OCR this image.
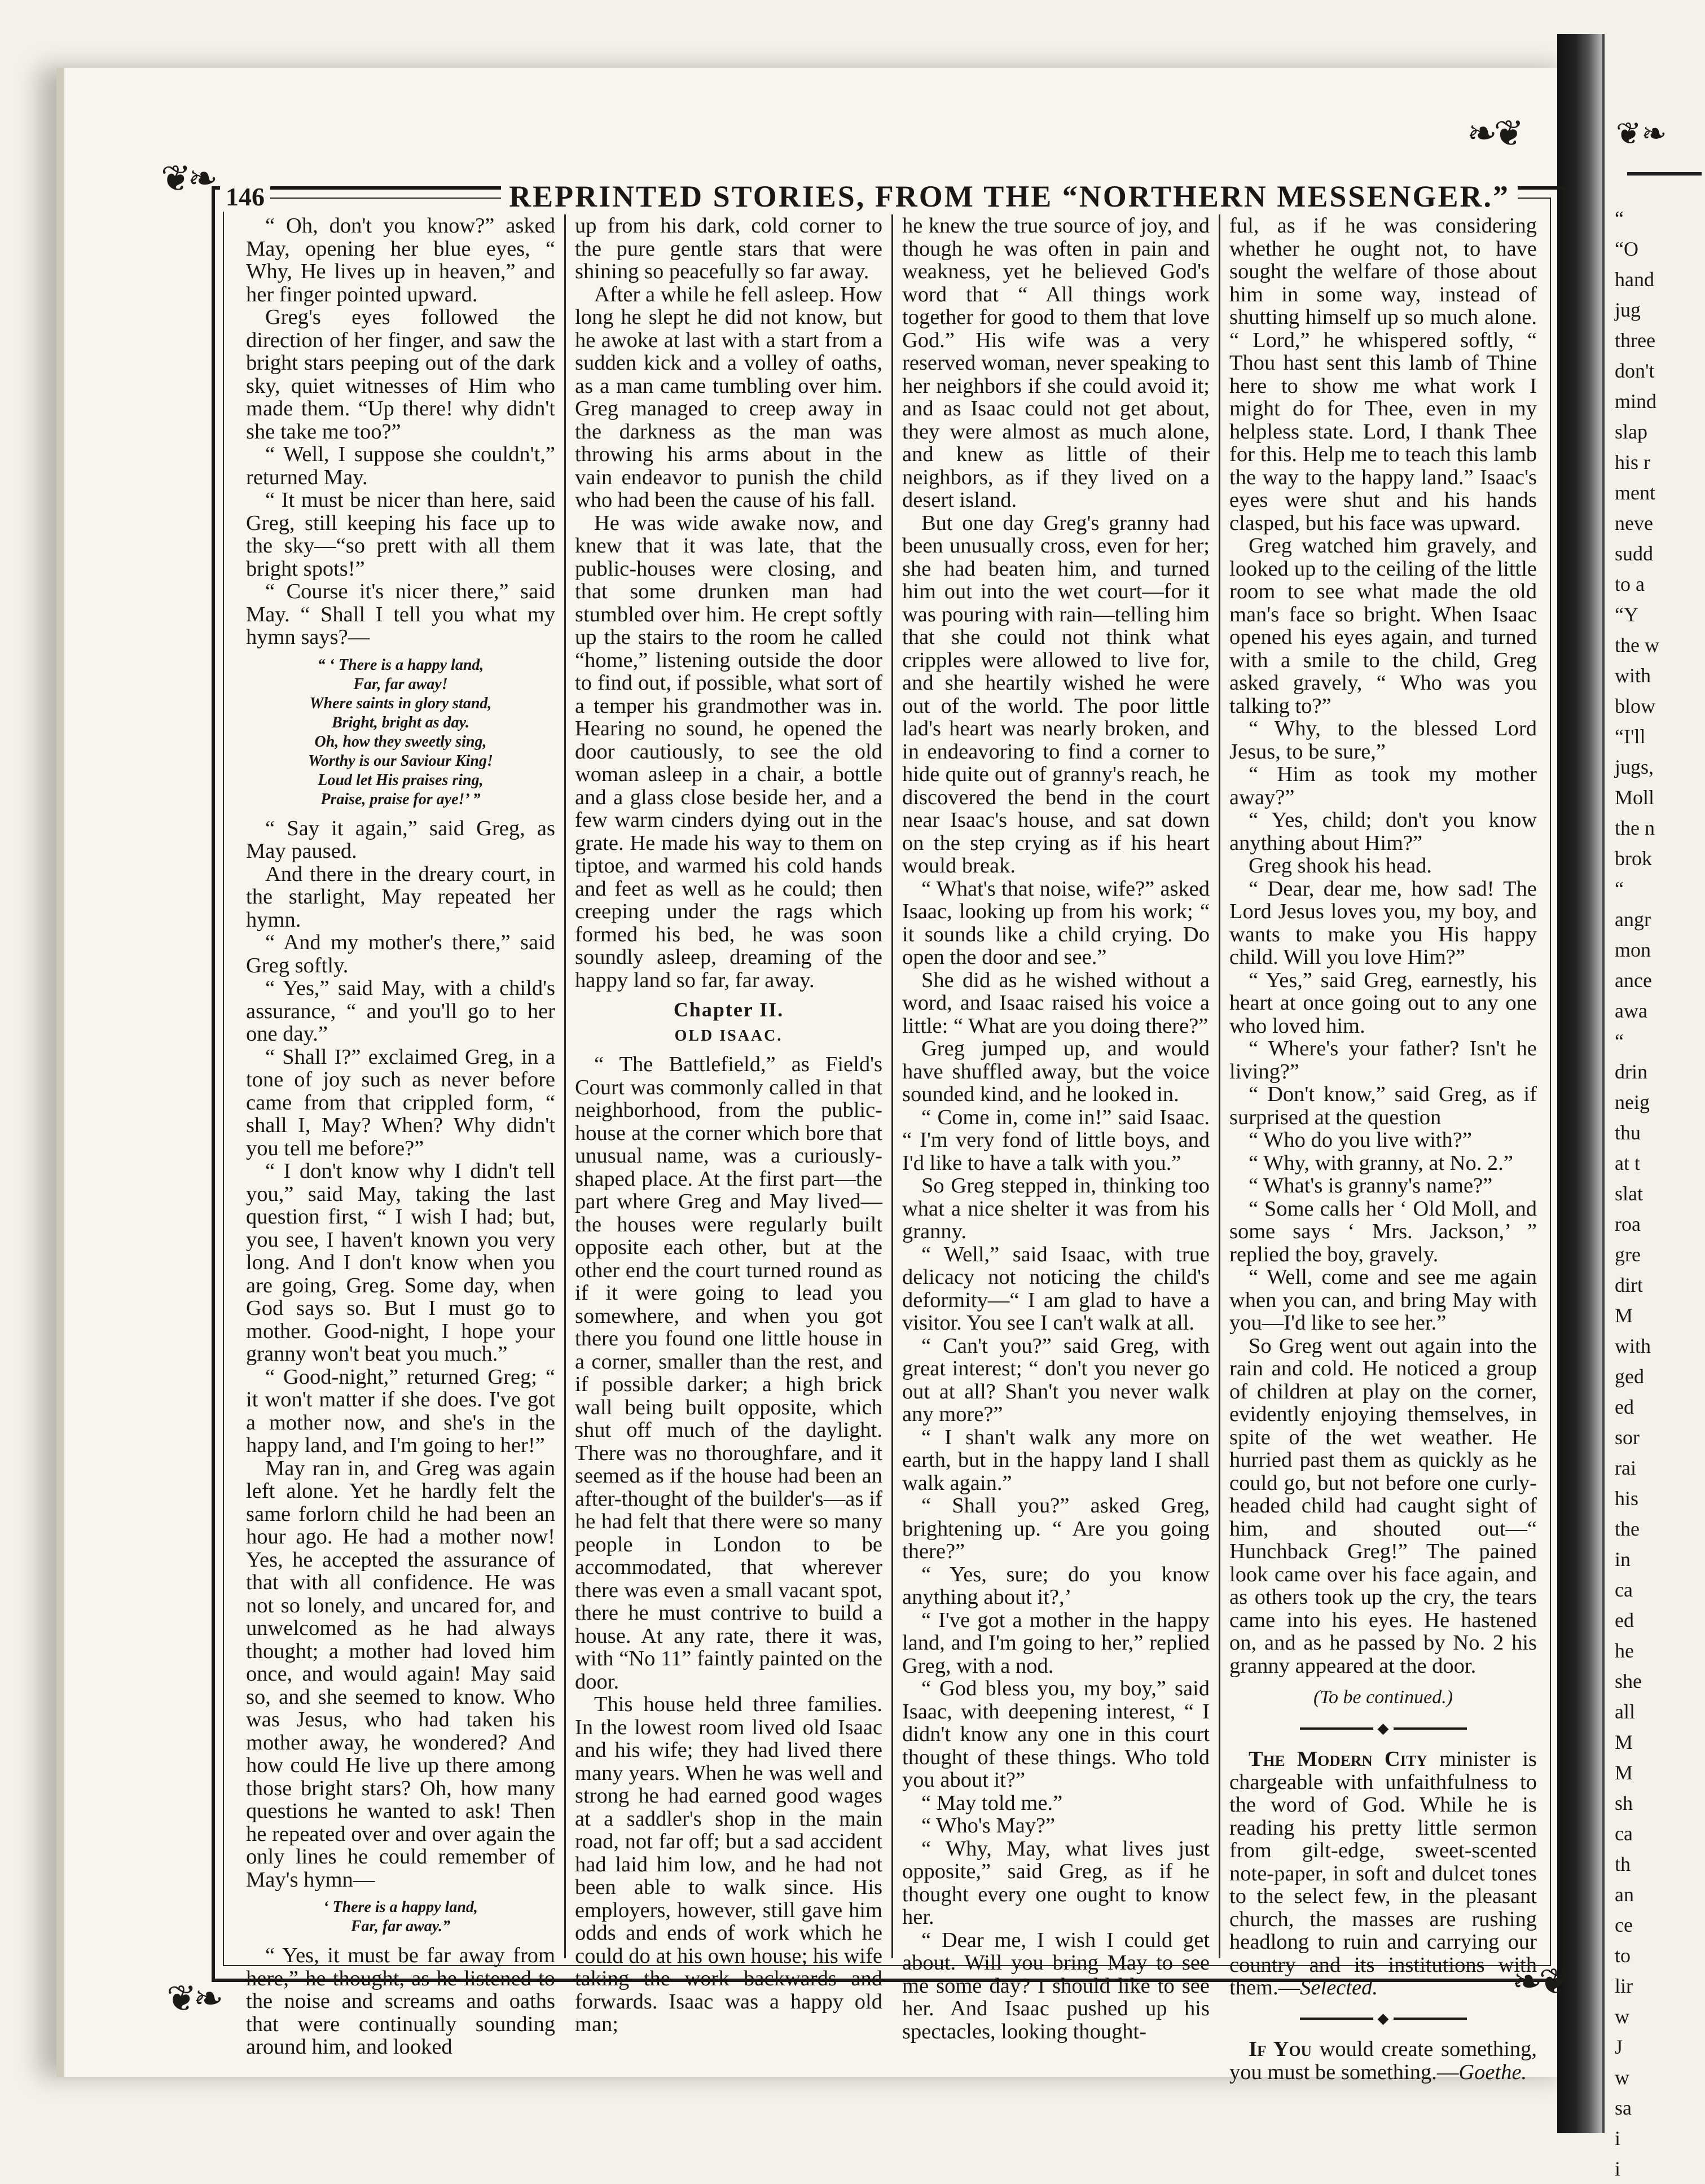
❦❧
“
“O
hand
jug
three
don't
mind
slap
his r
ment
neve
sudd
to a
“Y
the w
with
blow
“I'll
jugs,
Moll
the n
brok
“
angr
mon
ance
awa
“
drin
neig
thu
at t
slat
roa
gre
dirt
M
with
ged
ed
sor
rai
his
the
in
ca
ed
he
she
all
M
M
sh
ca
th
an
ce
to
lir
w
J
w
sa
i
i
❦❧
❧❦
❦❧	❧❦
146	REPRINTED STORIES, FROM THE “NORTHERN MESSENGER.”

“ Oh, don't you know?” asked May, opening her blue eyes, “ Why, He lives up in heaven,” and her finger pointed upward.

Greg's eyes followed the direction of her finger, and saw the bright stars peeping out of the dark sky, quiet witnesses of Him who made them. “Up there! why didn't she take me too?”

“ Well, I suppose she couldn't,” returned May.

“ It must be nicer than here, said Greg, still keeping his face up to the sky—“so prett with all them bright spots!”

“ Course it's nicer there,” said May. “ Shall I tell you what my hymn says?—

“ ‘ There is a happy land,
Far, far away!
Where saints in glory stand,
Bright, bright as day.
Oh, how they sweetly sing,
Worthy is our Saviour King!
Loud let His praises ring,
Praise, praise for aye!’ ”

“ Say it again,” said Greg, as May paused.

And there in the dreary court, in the starlight, May repeated her hymn.

“ And my mother's there,” said Greg softly.

“ Yes,” said May, with a child's assurance, “ and you'll go to her one day.”

“ Shall I?” exclaimed Greg, in a tone of joy such as never before came from that crippled form, “ shall I, May? When? Why didn't you tell me before?”

“ I don't know why I didn't tell you,” said May, taking the last question first, “ I wish I had; but, you see, I haven't known you very long. And I don't know when you are going, Greg. Some day, when God says so. But I must go to mother. Good-night, I hope your granny won't beat you much.”

“ Good-night,” returned Greg; “ it won't matter if she does. I've got a mother now, and she's in the happy land, and I'm going to her!”

May ran in, and Greg was again left alone. Yet he hardly felt the same forlorn child he had been an hour ago. He had a mother now! Yes, he accepted the assurance of that with all confidence. He was not so lonely, and uncared for, and unwelcomed as he had always thought; a mother had loved him once, and would again! May said so, and she seemed to know. Who was Jesus, who had taken his mother away, he wondered? And how could He live up there among those bright stars? Oh, how many questions he wanted to ask! Then he repeated over and over again the only lines he could remember of May's hymn—

‘ There is a happy land,
Far, far away.”

“ Yes, it must be far away from here,” he thought, as he listened to the noise and screams and oaths that were continually sounding around him, and looked

up from his dark, cold corner to the pure gentle stars that were shining so peacefully so far away.

After a while he fell asleep. How long he slept he did not know, but he awoke at last with a start from a sudden kick and a volley of oaths, as a man came tumbling over him. Greg managed to creep away in the darkness as the man was throwing his arms about in the vain endeavor to punish the child who had been the cause of his fall.

He was wide awake now, and knew that it was late, that the public-houses were closing, and that some drunken man had stumbled over him. He crept softly up the stairs to the room he called “home,” listening outside the door to find out, if possible, what sort of a temper his grandmother was in. Hearing no sound, he opened the door cautiously, to see the old woman asleep in a chair, a bottle and a glass close beside her, and a few warm cinders dying out in the grate. He made his way to them on tiptoe, and warmed his cold hands and feet as well as he could; then creeping under the rags which formed his bed, he was soon soundly asleep, dreaming of the happy land so far, far away.

Chapter II.
OLD ISAAC.

“ The Battlefield,” as Field's Court was commonly called in that neighborhood, from the public-house at the corner which bore that unusual name, was a curiously-shaped place. At the first part—the part where Greg and May lived—the houses were regularly built opposite each other, but at the other end the court turned round as if it were going to lead you somewhere, and when you got there you found one little house in a corner, smaller than the rest, and if possible darker; a high brick wall being built opposite, which shut off much of the daylight. There was no thoroughfare, and it seemed as if the house had been an after-thought of the builder's—as if he had felt that there were so many people in London to be accommodated, that wherever there was even a small vacant spot, there he must contrive to build a house. At any rate, there it was, with “No 11” faintly painted on the door.

This house held three families. In the lowest room lived old Isaac and his wife; they had lived there many years. When he was well and strong he had earned good wages at a saddler's shop in the main road, not far off; but a sad accident had laid him low, and he had not been able to walk since. His employers, however, still gave him odds and ends of work which he could do at his own house; his wife taking the work backwards and forwards. Isaac was a happy old man;

he knew the true source of joy, and though he was often in pain and weakness, yet he believed God's word that “ All things work together for good to them that love God.” His wife was a very reserved woman, never speaking to her neighbors if she could avoid it; and as Isaac could not get about, they were almost as much alone, and knew as little of their neighbors, as if they lived on a desert island.

But one day Greg's granny had been unusually cross, even for her; she had beaten him, and turned him out into the wet court—for it was pouring with rain—telling him that she could not think what cripples were allowed to live for, and she heartily wished he were out of the world. The poor little lad's heart was nearly broken, and in endeavoring to find a corner to hide quite out of granny's reach, he discovered the bend in the court near Isaac's house, and sat down on the step crying as if his heart would break.

“ What's that noise, wife?” asked Isaac, looking up from his work; “ it sounds like a child crying. Do open the door and see.”

She did as he wished without a word, and Isaac raised his voice a little: “ What are you doing there?”

Greg jumped up, and would have shuffled away, but the voice sounded kind, and he looked in.

“ Come in, come in!” said Isaac. “ I'm very fond of little boys, and I'd like to have a talk with you.”

So Greg stepped in, thinking too what a nice shelter it was from his granny.

“ Well,” said Isaac, with true delicacy not noticing the child's deformity—“ I am glad to have a visitor. You see I can't walk at all.

“ Can't you?” said Greg, with great interest; “ don't you never go out at all? Shan't you never walk any more?”

“ I shan't walk any more on earth, but in the happy land I shall walk again.”

“ Shall you?” asked Greg, brightening up. “ Are you going there?”

“ Yes, sure; do you know anything about it?,’

“ I've got a mother in the happy land, and I'm going to her,” replied Greg, with a nod.

“ God bless you, my boy,” said Isaac, with deepening interest, “ I didn't know any one in this court thought of these things. Who told you about it?”

“ May told me.”

“ Who's May?”

“ Why, May, what lives just opposite,” said Greg, as if he thought every one ought to know her.

“ Dear me, I wish I could get about. Will you bring May to see me some day? I should like to see her. And Isaac pushed up his spectacles, looking thought-

ful, as if he was considering whether he ought not, to have sought the welfare of those about him in some way, instead of shutting himself up so much alone. “ Lord,” he whispered softly, “ Thou hast sent this lamb of Thine here to show me what work I might do for Thee, even in my helpless state. Lord, I thank Thee for this. Help me to teach this lamb the way to the happy land.” Isaac's eyes were shut and his hands clasped, but his face was upward.

Greg watched him gravely, and looked up to the ceiling of the little room to see what made the old man's face so bright. When Isaac opened his eyes again, and turned with a smile to the child, Greg asked gravely, “ Who was you talking to?”

“ Why, to the blessed Lord Jesus, to be sure,”

“ Him as took my mother away?”

“ Yes, child; don't you know anything about Him?”

Greg shook his head.

“ Dear, dear me, how sad! The Lord Jesus loves you, my boy, and wants to make you His happy child. Will you love Him?”

“ Yes,” said Greg, earnestly, his heart at once going out to any one who loved him.

“ Where's your father? Isn't he living?”

“ Don't know,” said Greg, as if surprised at the question

“ Who do you live with?”

“ Why, with granny, at No. 2.”

“ What's is granny's name?”

“ Some calls her ‘ Old Moll, and some says ‘ Mrs. Jackson,’ ” replied the boy, gravely.

“ Well, come and see me again when you can, and bring May with you—I'd like to see her.”

So Greg went out again into the rain and cold. He noticed a group of children at play on the corner, evidently enjoying themselves, in spite of the wet weather. He hurried past them as quickly as he could go, but not before one curly-headed child had caught sight of him, and shouted out—“ Hunchback Greg!” The pained look came over his face again, and as others took up the cry, the tears came into his eyes. He hastened on, and as he passed by No. 2 his granny appeared at the door.

(To be continued.)
◆

The Modern City minister is chargeable with unfaithfulness to the word of God. While he is reading his pretty little sermon from gilt-edge, sweet-scented note-paper, in soft and dulcet tones to the select few, in the pleasant church, the masses are rushing headlong to ruin and carrying our country and its institutions with them.—Selected.

◆

If You would create something, you must be something.—Goethe.
